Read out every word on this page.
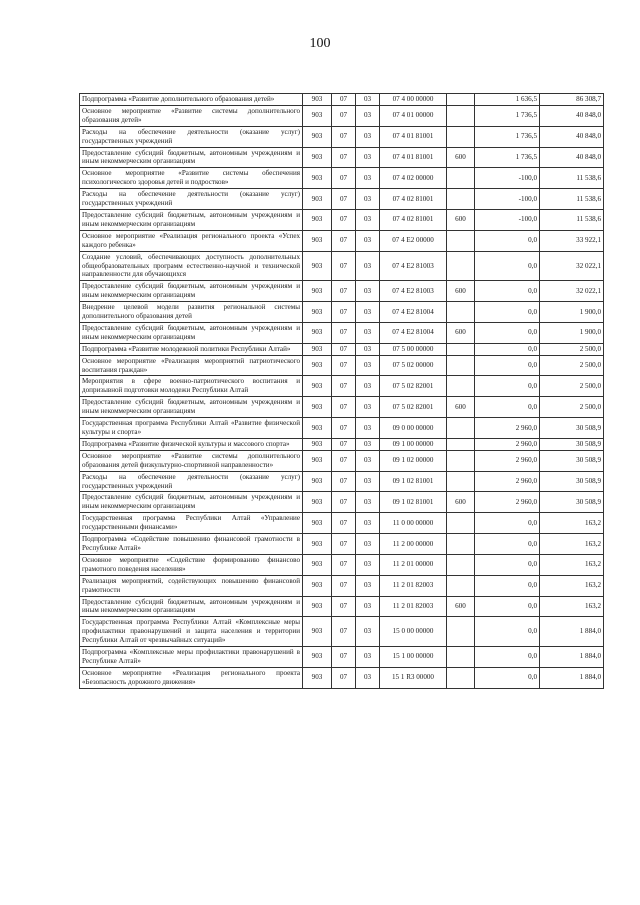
100
Подпрограмма «Развитие дополнительного образования детей»	903	07	03	07 4 00 00000		1 636,5	86 308,7
Основное мероприятие «Развитие системы дополнительного образования детей»	903	07	03	07 4 01 00000		1 736,5	40 848,0
Расходы на обеспечение деятельности (оказание услуг) государственных учреждений	903	07	03	07 4 01 81001		1 736,5	40 848,0
Предоставление субсидий бюджетным, автономным учреждениям и иным некоммерческим организациям	903	07	03	07 4 01 81001	600	1 736,5	40 848,0
Основное мероприятие «Развитие системы обеспечения психологического здоровья детей и подростков»	903	07	03	07 4 02 00000		-100,0	11 538,6
Расходы на обеспечение деятельности (оказание услуг) государственных учреждений	903	07	03	07 4 02 81001		-100,0	11 538,6
Предоставление субсидий бюджетным, автономным учреждениям и иным некоммерческим организациям	903	07	03	07 4 02 81001	600	-100,0	11 538,6
Основное мероприятие «Реализация регионального проекта «Успех каждого ребенка»	903	07	03	07 4 E2 00000		0,0	33 922,1
Создание условий, обеспечивающих доступность дополнительных общеобразовательных программ естественно-научной и технической направленности для обучающихся	903	07	03	07 4 E2 81003		0,0	32 022,1
Предоставление субсидий бюджетным, автономным учреждениям и иным некоммерческим организациям	903	07	03	07 4 E2 81003	600	0,0	32 022,1
Внедрение целевой модели развития региональной системы дополнительного образования детей	903	07	03	07 4 E2 81004		0,0	1 900,0
Предоставление субсидий бюджетным, автономным учреждениям и иным некоммерческим организациям	903	07	03	07 4 E2 81004	600	0,0	1 900,0
Подпрограмма «Развитие молодежной политики Республики Алтай»	903	07	03	07 5 00 00000		0,0	2 500,0
Основное мероприятие «Реализация мероприятий патриотического воспитания граждан»	903	07	03	07 5 02 00000		0,0	2 500,0
Мероприятия в сфере военно-патриотического воспитания и допризывной подготовки молодежи Республики Алтай	903	07	03	07 5 02 82001		0,0	2 500,0
Предоставление субсидий бюджетным, автономным учреждениям и иным некоммерческим организациям	903	07	03	07 5 02 82001	600	0,0	2 500,0
Государственная программа Республики Алтай «Развитие физической культуры и спорта»	903	07	03	09 0 00 00000		2 960,0	30 508,9
Подпрограмма «Развитие физической культуры и массового спорта»	903	07	03	09 1 00 00000		2 960,0	30 508,9
Основное мероприятие «Развитие системы дополнительного образования детей физкультурно-спортивной направленности»	903	07	03	09 1 02 00000		2 960,0	30 508,9
Расходы на обеспечение деятельности (оказание услуг) государственных учреждений	903	07	03	09 1 02 81001		2 960,0	30 508,9
Предоставление субсидий бюджетным, автономным учреждениям и иным некоммерческим организациям	903	07	03	09 1 02 81001	600	2 960,0	30 508,9
Государственная программа Республики Алтай «Управление государственными финансами»	903	07	03	11 0 00 00000		0,0	163,2
Подпрограмма «Содействие повышению финансовой грамотности в Республике Алтай»	903	07	03	11 2 00 00000		0,0	163,2
Основное мероприятие «Содействие формированию финансово грамотного поведения населения»	903	07	03	11 2 01 00000		0,0	163,2
Реализация мероприятий, содействующих повышению финансовой грамотности	903	07	03	11 2 01 82003		0,0	163,2
Предоставление субсидий бюджетным, автономным учреждениям и иным некоммерческим организациям	903	07	03	11 2 01 82003	600	0,0	163,2
Государственная программа Республики Алтай «Комплексные меры профилактики правонарушений и защита населения и территории Республики Алтай от чрезвычайных ситуаций»	903	07	03	15 0 00 00000		0,0	1 884,0
Подпрограмма «Комплексные меры профилактики правонарушений в Республике Алтай»	903	07	03	15 1 00 00000		0,0	1 884,0
Основное мероприятие «Реализация регионального проекта «Безопасность дорожного движения»	903	07	03	15 1 R3 00000		0,0	1 884,0
